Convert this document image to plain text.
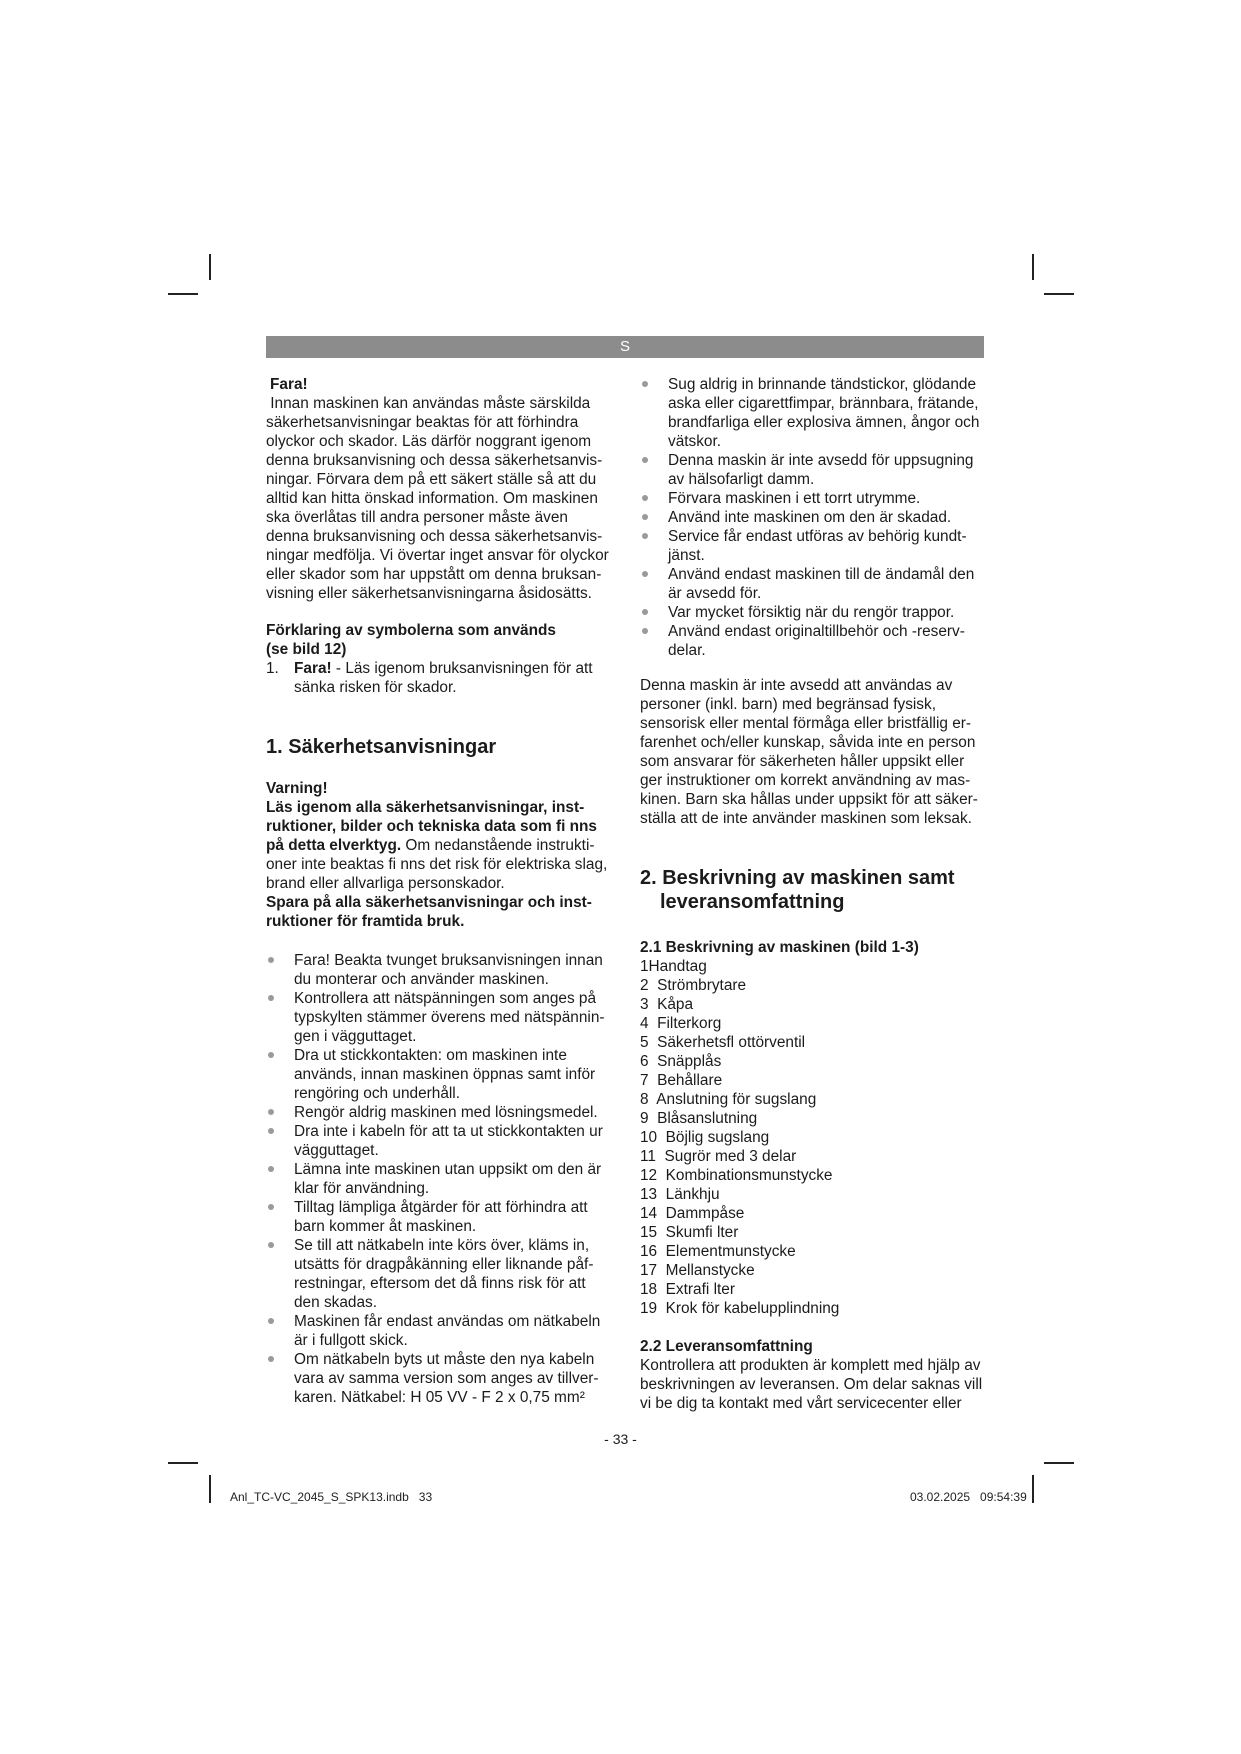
S

Fara!

Innan maskinen kan användas måste särskilda
säkerhetsanvisningar beaktas för att förhindra
olyckor och skador. Läs därför noggrant igenom
denna bruksanvisning och dessa säkerhetsanvis-
ningar. Förvara dem på ett säkert ställe så att du
alltid kan hitta önskad information. Om maskinen
ska överlåtas till andra personer måste även
denna bruksanvisning och dessa säkerhetsanvis-
ningar medfölja. Vi övertar inget ansvar för olyckor
eller skador som har uppstått om denna bruksan-
visning eller säkerhetsanvisningarna åsidosätts.
Förklaring av symbolerna som används
(se bild 12)
1. Fara! - Läs igenom bruksanvisningen för att
sänka risken för skador.
1. Säkerhetsanvisningar

Varning!

Läs igenom alla säkerhetsanvisningar, inst-
ruktioner, bilder och tekniska data som fi nns
på detta elverktyg. Om nedanstående instrukti-
oner inte beaktas fi nns det risk för elektriska slag,
brand eller allvarliga personskador.
Spara på alla säkerhetsanvisningar och inst-
ruktioner för framtida bruk.
Fara! Beakta tvunget bruksanvisningen innan
du monterar och använder maskinen.
Kontrollera att nätspänningen som anges på
typskylten stämmer överens med nätspännin-
gen i vägguttaget.
Dra ut stickkontakten: om maskinen inte
används, innan maskinen öppnas samt inför
rengöring och underhåll.
Rengör aldrig maskinen med lösningsmedel.
Dra inte i kabeln för att ta ut stickkontakten ur
vägguttaget.
Lämna inte maskinen utan uppsikt om den är
klar för användning.
Tilltag lämpliga åtgärder för att förhindra att
barn kommer åt maskinen.
Se till att nätkabeln inte körs över, kläms in,
utsätts för dragpåkänning eller liknande påf-
restningar, eftersom det då finns risk för att
den skadas.
Maskinen får endast användas om nätkabeln
är i fullgott skick.
Om nätkabeln byts ut måste den nya kabeln
vara av samma version som anges av tillver-
karen. Nätkabel: H 05 VV - F 2 x 0,75 mm²
Sug aldrig in brinnande tändstickor, glödande
aska eller cigarettfimpar, brännbara, frätande,
brandfarliga eller explosiva ämnen, ångor och
vätskor.
Denna maskin är inte avsedd för uppsugning
av hälsofarligt damm.
Förvara maskinen i ett torrt utrymme.
Använd inte maskinen om den är skadad.
Service får endast utföras av behörig kundt-
jänst.
Använd endast maskinen till de ändamål den
är avsedd för.
Var mycket försiktig när du rengör trappor.
Använd endast originaltillbehör och -reserv-
delar.
Denna maskin är inte avsedd att användas av
personer (inkl. barn) med begränsad fysisk,
sensorisk eller mental förmåga eller bristfällig er-
farenhet och/eller kunskap, såvida inte en person
som ansvarar för säkerheten håller uppsikt eller
ger instruktioner om korrekt användning av mas-
kinen. Barn ska hållas under uppsikt för att säker-
ställa att de inte använder maskinen som leksak.
2. Beskrivning av maskinen samt
leveransomfattning

2.1 Beskrivning av maskinen (bild 1-3)

1Handtag
2  Strömbrytare
3  Kåpa
4  Filterkorg
5  Säkerhetsfl ottörventil
6  Snäpplås
7  Behållare
8  Anslutning för sugslang
9  Blåsanslutning
10  Böjlig sugslang
11  Sugrör med 3 delar
12  Kombinationsmunstycke
13  Länkhju
14  Dammpåse
15  Skumfi lter
16  Elementmunstycke
17  Mellanstycke
18  Extrafi lter
19  Krok för kabelupplindning

2.2 Leveransomfattning

Kontrollera att produkten är komplett med hjälp av
beskrivningen av leveransen. Om delar saknas vill
vi be dig ta kontakt med vårt servicecenter eller
- 33 -
Anl_TC-VC_2045_S_SPK13.indb   33	03.02.2025   09:54:39
